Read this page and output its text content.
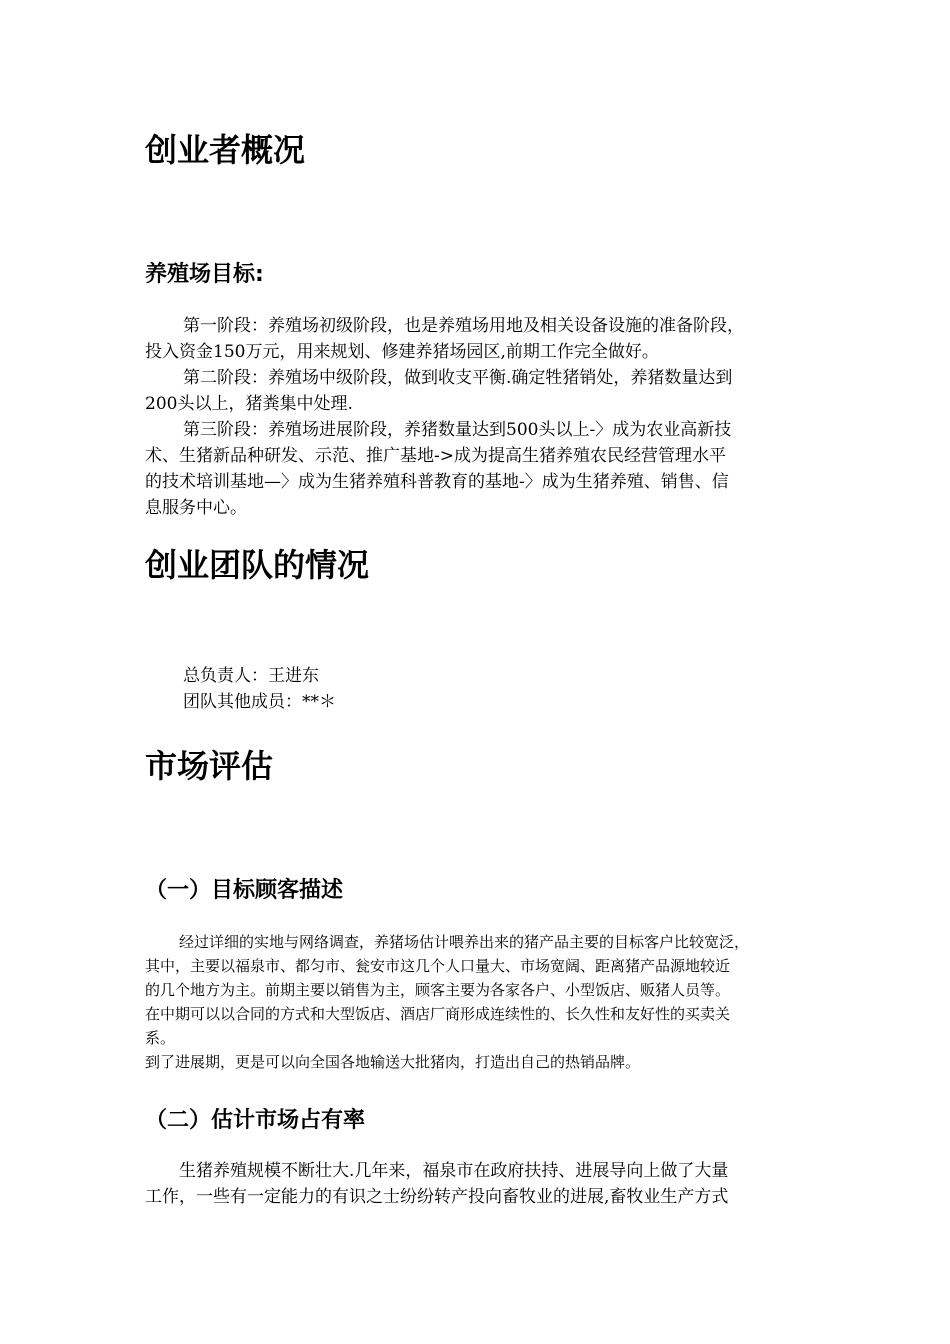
创业者概况
养殖场目标:
第一阶段：养殖场初级阶段，也是养殖场用地及相关设备设施的准备阶段，
投入资金150万元，用来规划、修建养猪场园区,前期工作完全做好。
第二阶段：养殖场中级阶段，做到收支平衡.确定牲猪销处，养猪数量达到
200头以上，猪粪集中处理.
第三阶段：养殖场进展阶段，养猪数量达到500头以上-〉成为农业高新技
术、生猪新品种研发、示范、推广基地->成为提高生猪养殖农民经营管理水平
的技术培训基地—〉成为生猪养殖科普教育的基地-〉成为生猪养殖、销售、信
息服务中心。
创业团队的情况
总负责人：王进东
团队其他成员：**＊
市场评估
（一）目标顾客描述
经过详细的实地与网络调查，养猪场估计喂养出来的猪产品主要的目标客户比较宽泛，
其中，主要以福泉市、都匀市、瓮安市这几个人口量大、市场宽阔、距离猪产品源地较近
的几个地方为主。前期主要以销售为主，顾客主要为各家各户、小型饭店、贩猪人员等。
在中期可以以合同的方式和大型饭店、酒店厂商形成连续性的、长久性和友好性的买卖关
系。
到了进展期，更是可以向全国各地输送大批猪肉，打造出自己的热销品牌。
（二）估计市场占有率
生猪养殖规模不断壮大.几年来，福泉市在政府扶持、进展导向上做了大量
工作，一些有一定能力的有识之士纷纷转产投向畜牧业的进展,畜牧业生产方式
